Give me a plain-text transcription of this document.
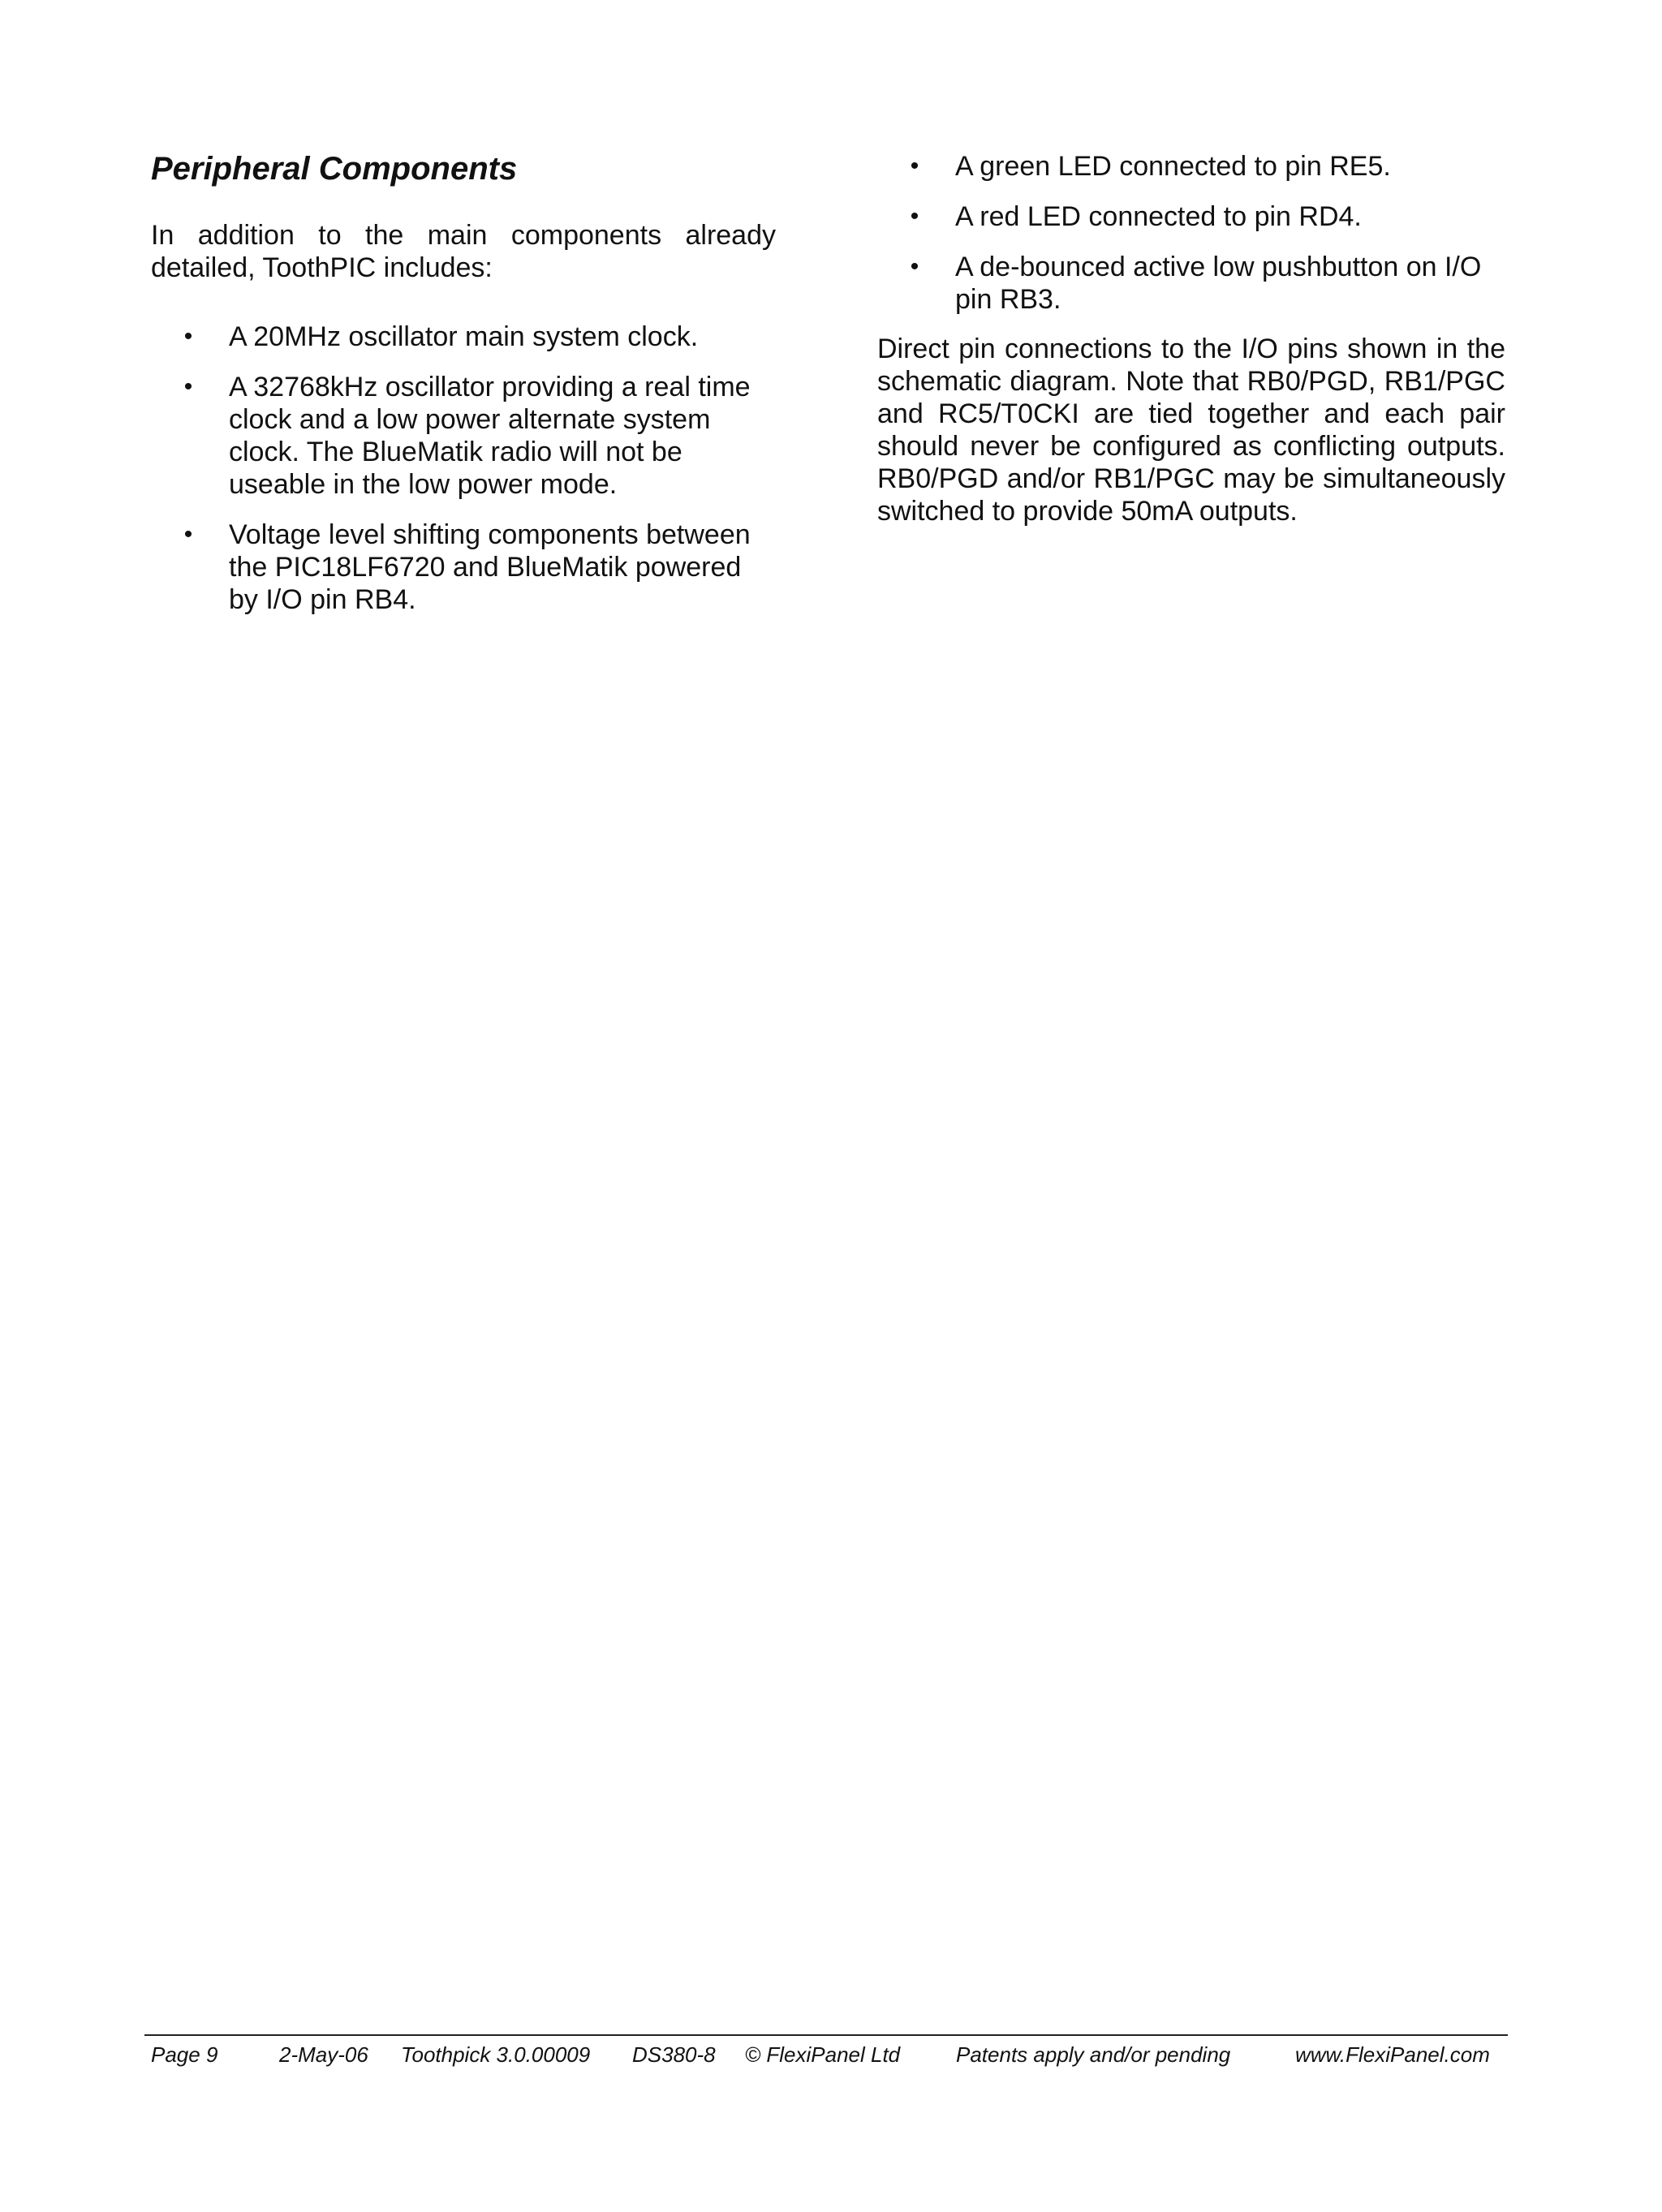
Peripheral Components

In addition to the main components already detailed, ToothPIC includes:

• A 20MHz oscillator main system clock.
• A 32768kHz oscillator providing a real time clock and a low power alternate system clock. The BlueMatik radio will not be useable in the low power mode.
• Voltage level shifting components between the PIC18LF6720 and BlueMatik powered by I/O pin RB4.
• A green LED connected to pin RE5.
• A red LED connected to pin RD4.
• A de-bounced active low pushbutton on I/O pin RB3.

Direct pin connections to the I/O pins shown in the schematic diagram. Note that RB0/PGD, RB1/PGC and RC5/T0CKI are tied together and each pair should never be configured as conflicting outputs. RB0/PGD and/or RB1/PGC may be simultaneously switched to provide 50mA outputs.

Page 9	2-May-06 Toothpick 3.0.00009 DS380-8 © FlexiPanel Ltd	Patents apply and/or pending	www.FlexiPanel.com
